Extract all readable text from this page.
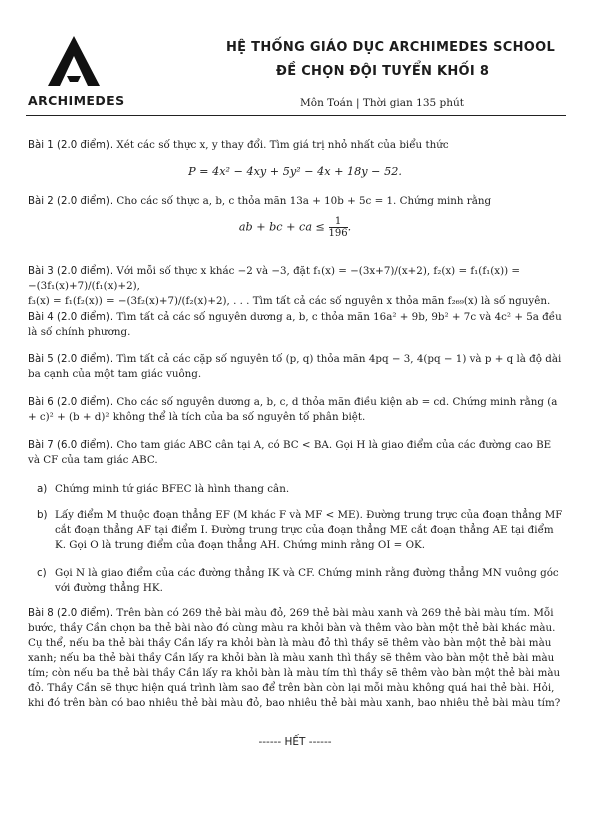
ARCHIMEDES
HỆ THỐNG GIÁO DỤC ARCHIMEDES SCHOOL
ĐỀ CHỌN ĐỘI TUYỂN KHỐI 8
Môn Toán | Thời gian 135 phút
Bài 1 (2.0 điểm). Xét các số thực x, y thay đổi. Tìm giá trị nhỏ nhất của biểu thức
P = 4x² − 4xy + 5y² − 4x + 18y − 52.
Bài 2 (2.0 điểm). Cho các số thực a, b, c thỏa mãn 13a + 10b + 5c = 1. Chứng minh rằng
ab + bc + ca ≤ $\frac{1}{196}$ .
Bài 3 (2.0 điểm). Với mỗi số thực x khác −2 và −3, đặt f₁(x) = −(3x+7)/(x+2), f₂(x) = f₁(f₁(x)) = −(3f₁(x)+7)/(f₁(x)+2),
f₃(x) = f₁(f₂(x)) = −(3f₂(x)+7)/(f₂(x)+2), . . . Tìm tất cả các số nguyên x thỏa mãn f₂₆₉(x) là số nguyên.
Bài 4 (2.0 điểm). Tìm tất cả các số nguyên dương a, b, c thỏa mãn 16a² + 9b, 9b² + 7c và 4c² + 5a đều là số chính phương.
Bài 5 (2.0 điểm). Tìm tất cả các cặp số nguyên tố (p, q) thỏa mãn 4pq − 3, 4(pq − 1) và p + q là độ dài ba cạnh của một tam giác vuông.
Bài 6 (2.0 điểm). Cho các số nguyên dương a, b, c, d thỏa mãn điều kiện ab = cd. Chứng minh rằng (a + c)² + (b + d)² không thể là tích của ba số nguyên tố phân biệt.
Bài 7 (6.0 điểm). Cho tam giác ABC cân tại A, có BC < BA. Gọi H là giao điểm của các đường cao BE và CF của tam giác ABC.
a) Chứng minh tứ giác BFEC là hình thang cân.
b) Lấy điểm M thuộc đoạn thẳng EF (M khác F và MF < ME). Đường trung trực của đoạn thẳng MF cắt đoạn thẳng AF tại điểm I. Đường trung trực của đoạn thẳng ME cắt đoạn thẳng AE tại điểm K. Gọi O là trung điểm của đoạn thẳng AH. Chứng minh rằng OI = OK.
c) Gọi N là giao điểm của các đường thẳng IK và CF. Chứng minh rằng đường thẳng MN vuông góc với đường thẳng HK.
Bài 8 (2.0 điểm). Trên bàn có 269 thẻ bài màu đỏ, 269 thẻ bài màu xanh và 269 thẻ bài màu tím. Mỗi bước, thầy Cần chọn ba thẻ bài nào đó cùng màu ra khỏi bàn và thêm vào bàn một thẻ bài khác màu. Cụ thể, nếu ba thẻ bài thầy Cần lấy ra khỏi bàn là màu đỏ thì thầy sẽ thêm vào bàn một thẻ bài màu xanh; nếu ba thẻ bài thầy Cần lấy ra khỏi bàn là màu xanh thì thầy sẽ thêm vào bàn một thẻ bài màu tím; còn nếu ba thẻ bài thầy Cần lấy ra khỏi bàn là màu tím thì thầy sẽ thêm vào bàn một thẻ bài màu đỏ. Thầy Cần sẽ thực hiện quá trình làm sao để trên bàn còn lại mỗi màu không quá hai thẻ bài. Hỏi, khi đó trên bàn có bao nhiêu thẻ bài màu đỏ, bao nhiêu thẻ bài màu xanh, bao nhiêu thẻ bài màu tím?
------ HẾT ------
